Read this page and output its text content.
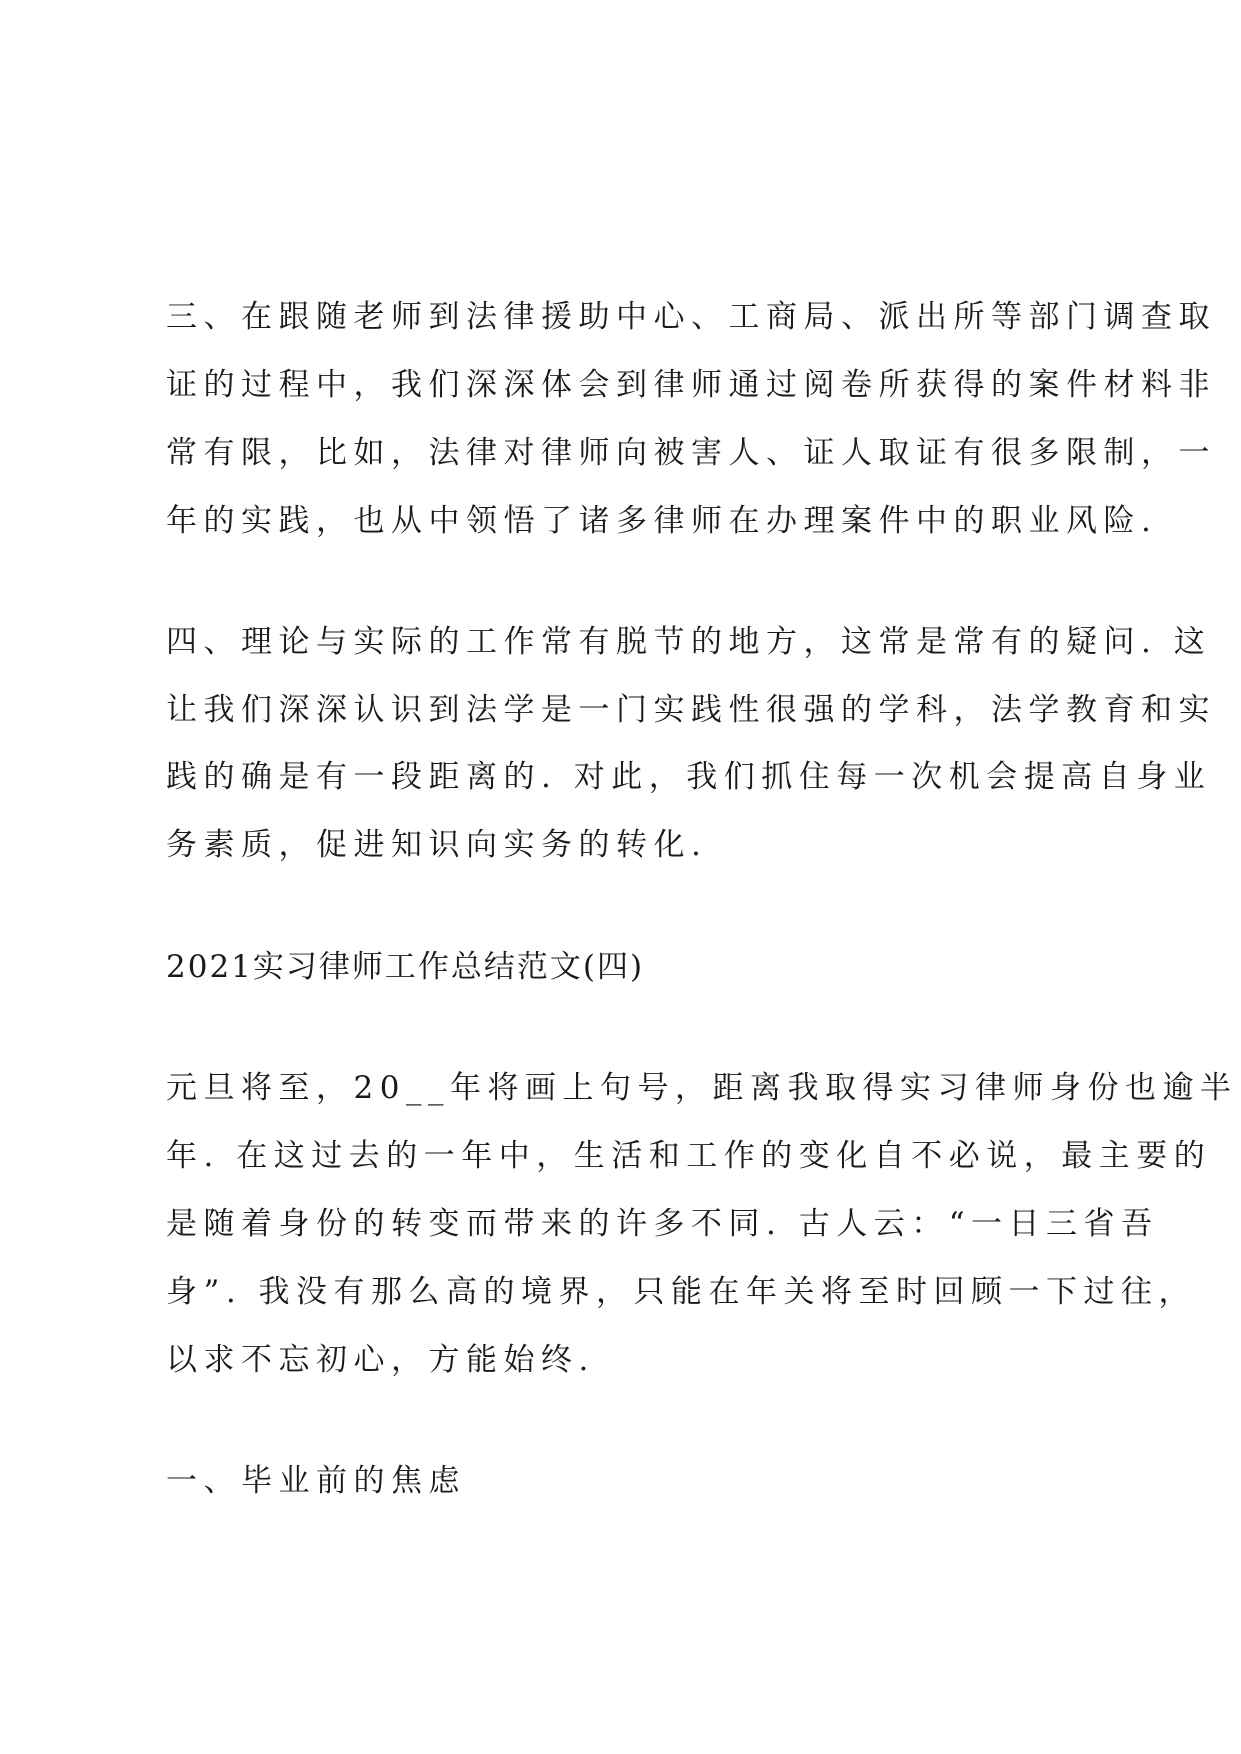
三、在跟随老师到法律援助中心、工商局、派出所等部门调查取
证的过程中，我们深深体会到律师通过阅卷所获得的案件材料非
常有限，比如，法律对律师向被害人、证人取证有很多限制，一
年的实践，也从中领悟了诸多律师在办理案件中的职业风险.
四、理论与实际的工作常有脱节的地方，这常是常有的疑问. 这
让我们深深认识到法学是一门实践性很强的学科，法学教育和实
践的确是有一段距离的. 对此，我们抓住每一次机会提高自身业
务素质，促进知识向实务的转化.
2021实习律师工作总结范文(四)
元旦将至，20__年将画上句号，距离我取得实习律师身份也逾半
年. 在这过去的一年中，生活和工作的变化自不必说，最主要的
是随着身份的转变而带来的许多不同. 古人云：“一日三省吾
身”. 我没有那么高的境界，只能在年关将至时回顾一下过往，
以求不忘初心，方能始终.
一、毕业前的焦虑
